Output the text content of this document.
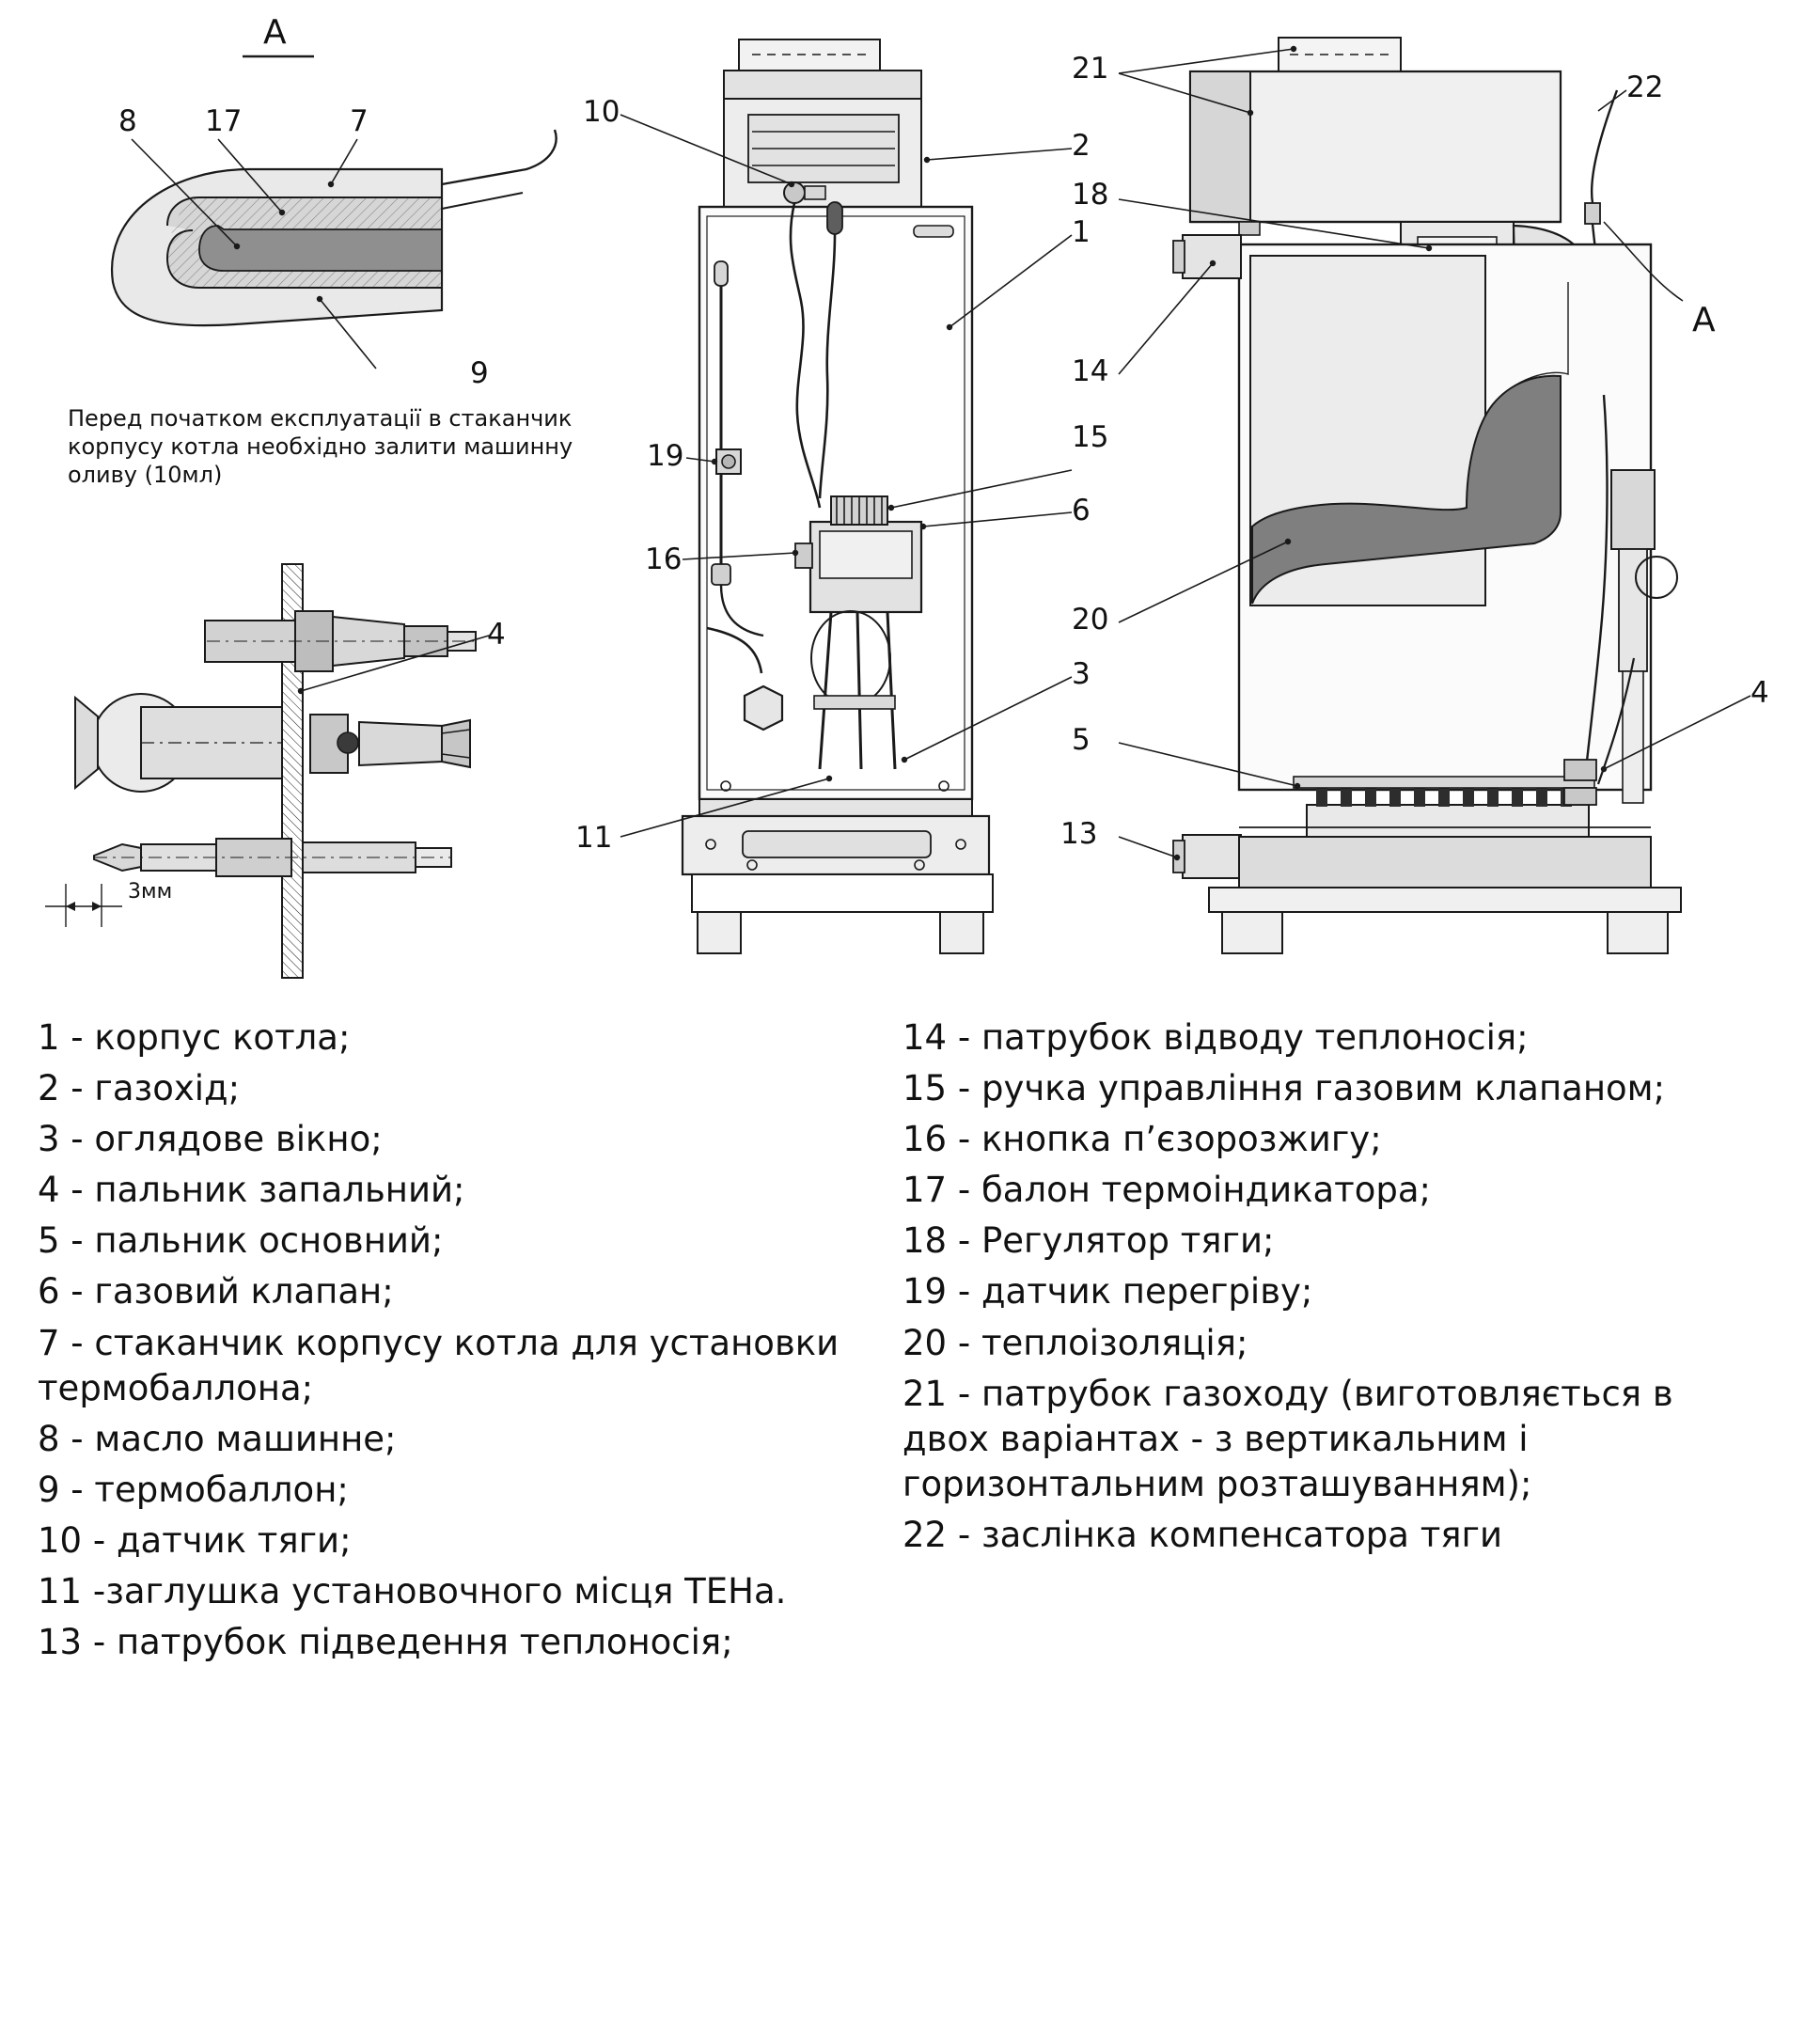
A
A
8 17	7
9
Перед початком експлуатації в стаканчик корпусу котла необхідно залити машинну оливу (10мл)
4
3мм
10
2
1
19
15
6
16
11
3
21
22
18
14
20
5
13
4

1 - корпус котла;

2 - газохід;

3 - оглядове вікно;

4 - пальник запальний;

5 - пальник основний;

6 - газовий клапан;

7 - стаканчик корпусу котла для установки термобаллона;

8 - масло машинне;

9 - термобаллон;

10 - датчик тяги;

11 -заглушка установочного місця ТЕНа.

13 - патрубок підведення теплоносія;

14 - патрубок відводу теплоносія;

15 - ручка управління газовим клапаном;

16 - кнопка п’єзорозжигу;

17 - балон термоіндикатора;

18 - Регулятор тяги;

19 - датчик перегріву;

20 - теплоізоляція;

21 - патрубок газоходу (виготовляється в двох варіантах - з вертикальним і горизонтальним розташуванням);

22 - заслінка компенсатора тяги
